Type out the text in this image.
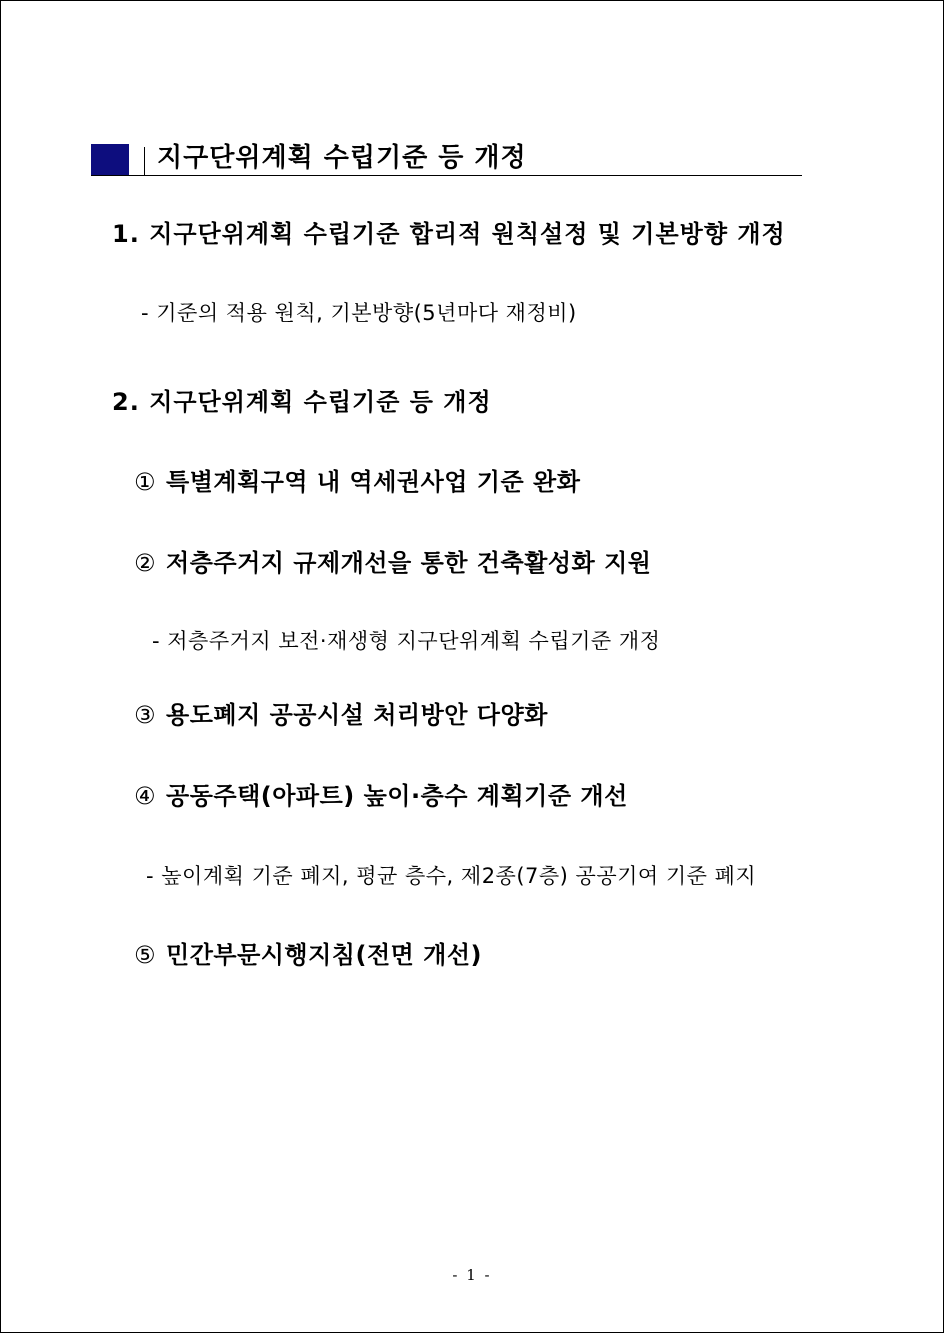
지구단위계획 수립기준 등 개정
1. 지구단위계획 수립기준 합리적 원칙설정 및 기본방향 개정
- 기준의 적용 원칙, 기본방향(5년마다 재정비)
2. 지구단위계획 수립기준 등 개정
① 특별계획구역 내 역세권사업 기준 완화
② 저층주거지 규제개선을 통한 건축활성화 지원
- 저층주거지 보전·재생형 지구단위계획 수립기준 개정
③ 용도폐지 공공시설 처리방안 다양화
④ 공동주택(아파트) 높이·층수 계획기준 개선
- 높이계획 기준 폐지, 평균 층수, 제2종(7층) 공공기여 기준 폐지
⑤ 민간부문시행지침(전면 개선)
- 1 -
